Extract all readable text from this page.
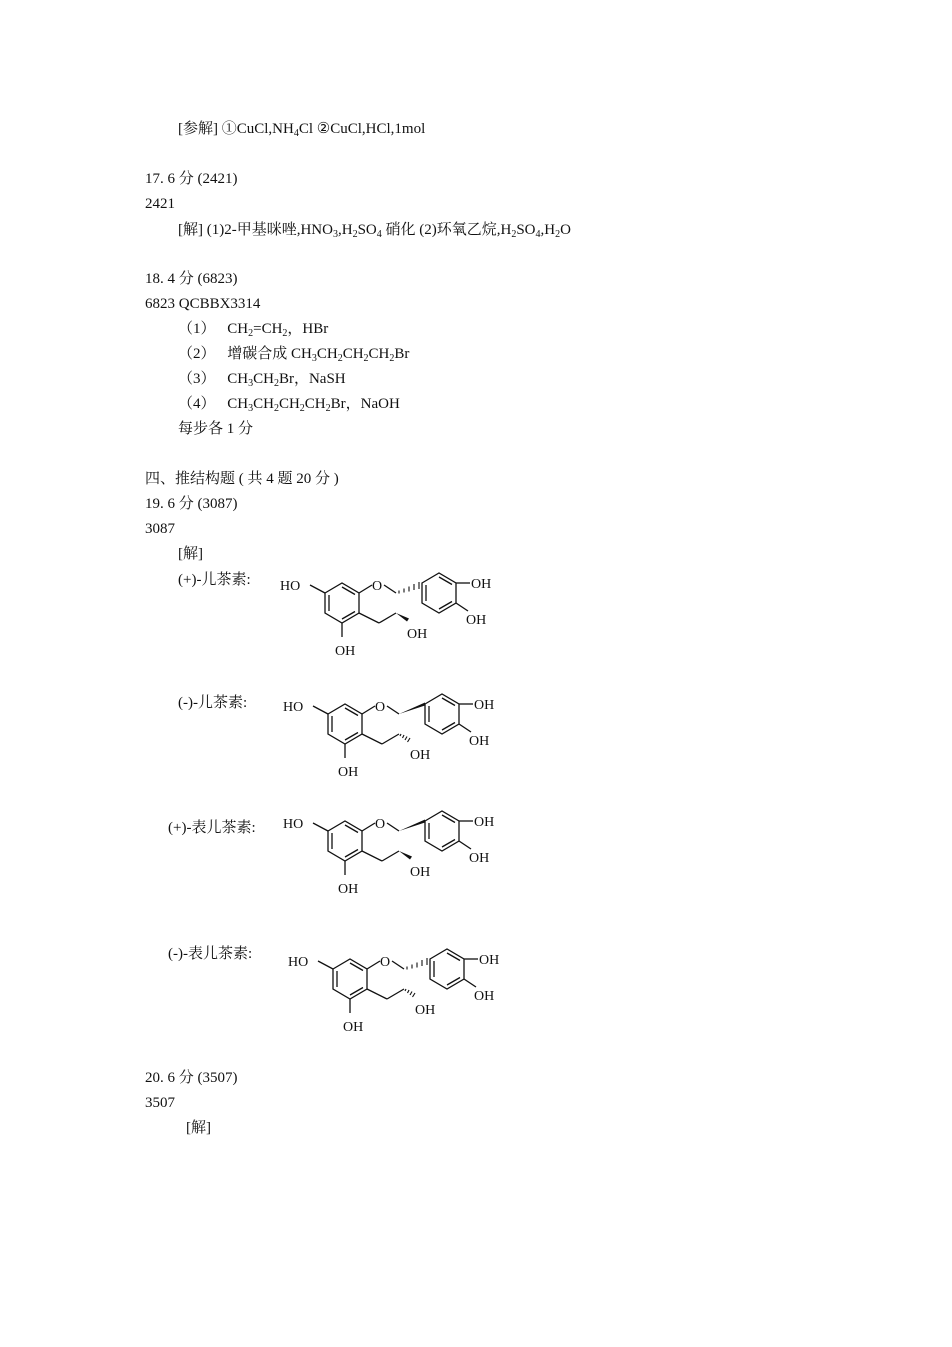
[参解] $①CuCl,NH_4Cl$ ②CuCl,HCl,1mol
17. 6 分 (2421)
2421
[解] (1)2-甲基咪唑$,HNO_3,H_2SO_4$ 硝化 (2)环氧乙烷$,H_2SO_4,H_2O$
18. 4 分 (6823)
6823 QCBBX3314
（1） $CH_2=CH_2$，HBr
（2） 增碳合成 $CH_3CH_2CH_2CH_2Br$
（3） $CH_3CH_2Br$，NaSH
（4） $CH_3CH_2CH_2CH_2Br$，NaOH
每步各 1 分
四、推结构题 ( 共 4 题 20 分 )
19. 6 分 (3087)
3087
[解]
(+)-儿茶素:
(-)-儿茶素:
(+)-表儿茶素:
(-)-表儿茶素:
HO	O	OH
OH
OH
OH
HO	O	OH
OH
OH
OH
HO	O	OH
OH
OH
OH
HO	O	OH
OH
OH
OH
20. 6 分 (3507)
3507
[解]
